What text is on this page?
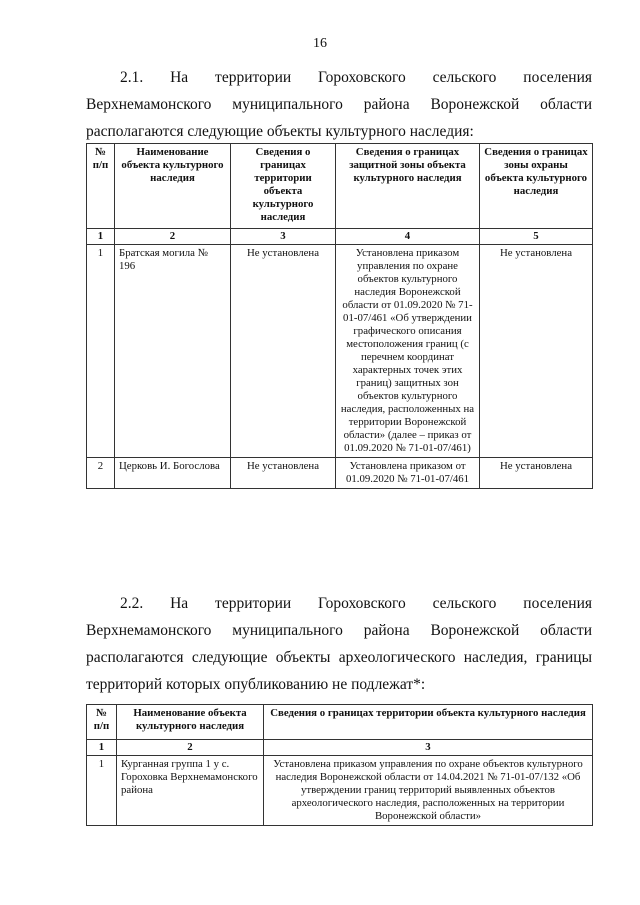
16

2.1. На территории Гороховского сельского поселения
Верхнемамонского муниципального района Воронежской области
располагаются следующие объекты культурного наследия:

№ п/п	Наименование объекта культурного наследия	Сведения о границах территории объекта культурного наследия	Сведения о границах защитной зоны объекта культурного наследия	Сведения о границах зоны охраны объекта культурного наследия
1	2	3	4	5
1	Братская могила № 196	Не установлена	Установлена приказом управления по охране объектов культурного наследия Воронежской области от 01.09.2020 № 71-01-07/461 «Об утверждении графического описания местоположения границ (с перечнем координат характерных точек этих границ) защитных зон объектов культурного наследия, расположенных на территории Воронежской области» (далее – приказ от 01.09.2020 № 71-01-07/461)	Не установлена
2	Церковь И. Богослова	Не установлена	Установлена приказом от 01.09.2020 № 71-01-07/461	Не установлена

2.2. На территории Гороховского сельского поселения
Верхнемамонского муниципального района Воронежской области
располагаются следующие объекты археологического наследия, границы
территорий которых опубликованию не подлежат*:

№ п/п	Наименование объекта культурного наследия	Сведения о границах территории объекта культурного наследия
1	2	3
1	Курганная группа 1 у с. Гороховка Верхнемамонского района	Установлена приказом управления по охране объектов культурного наследия Воронежской области от 14.04.2021 № 71-01-07/132 «Об утверждении границ территорий выявленных объектов археологического наследия, расположенных на территории Воронежской области»
